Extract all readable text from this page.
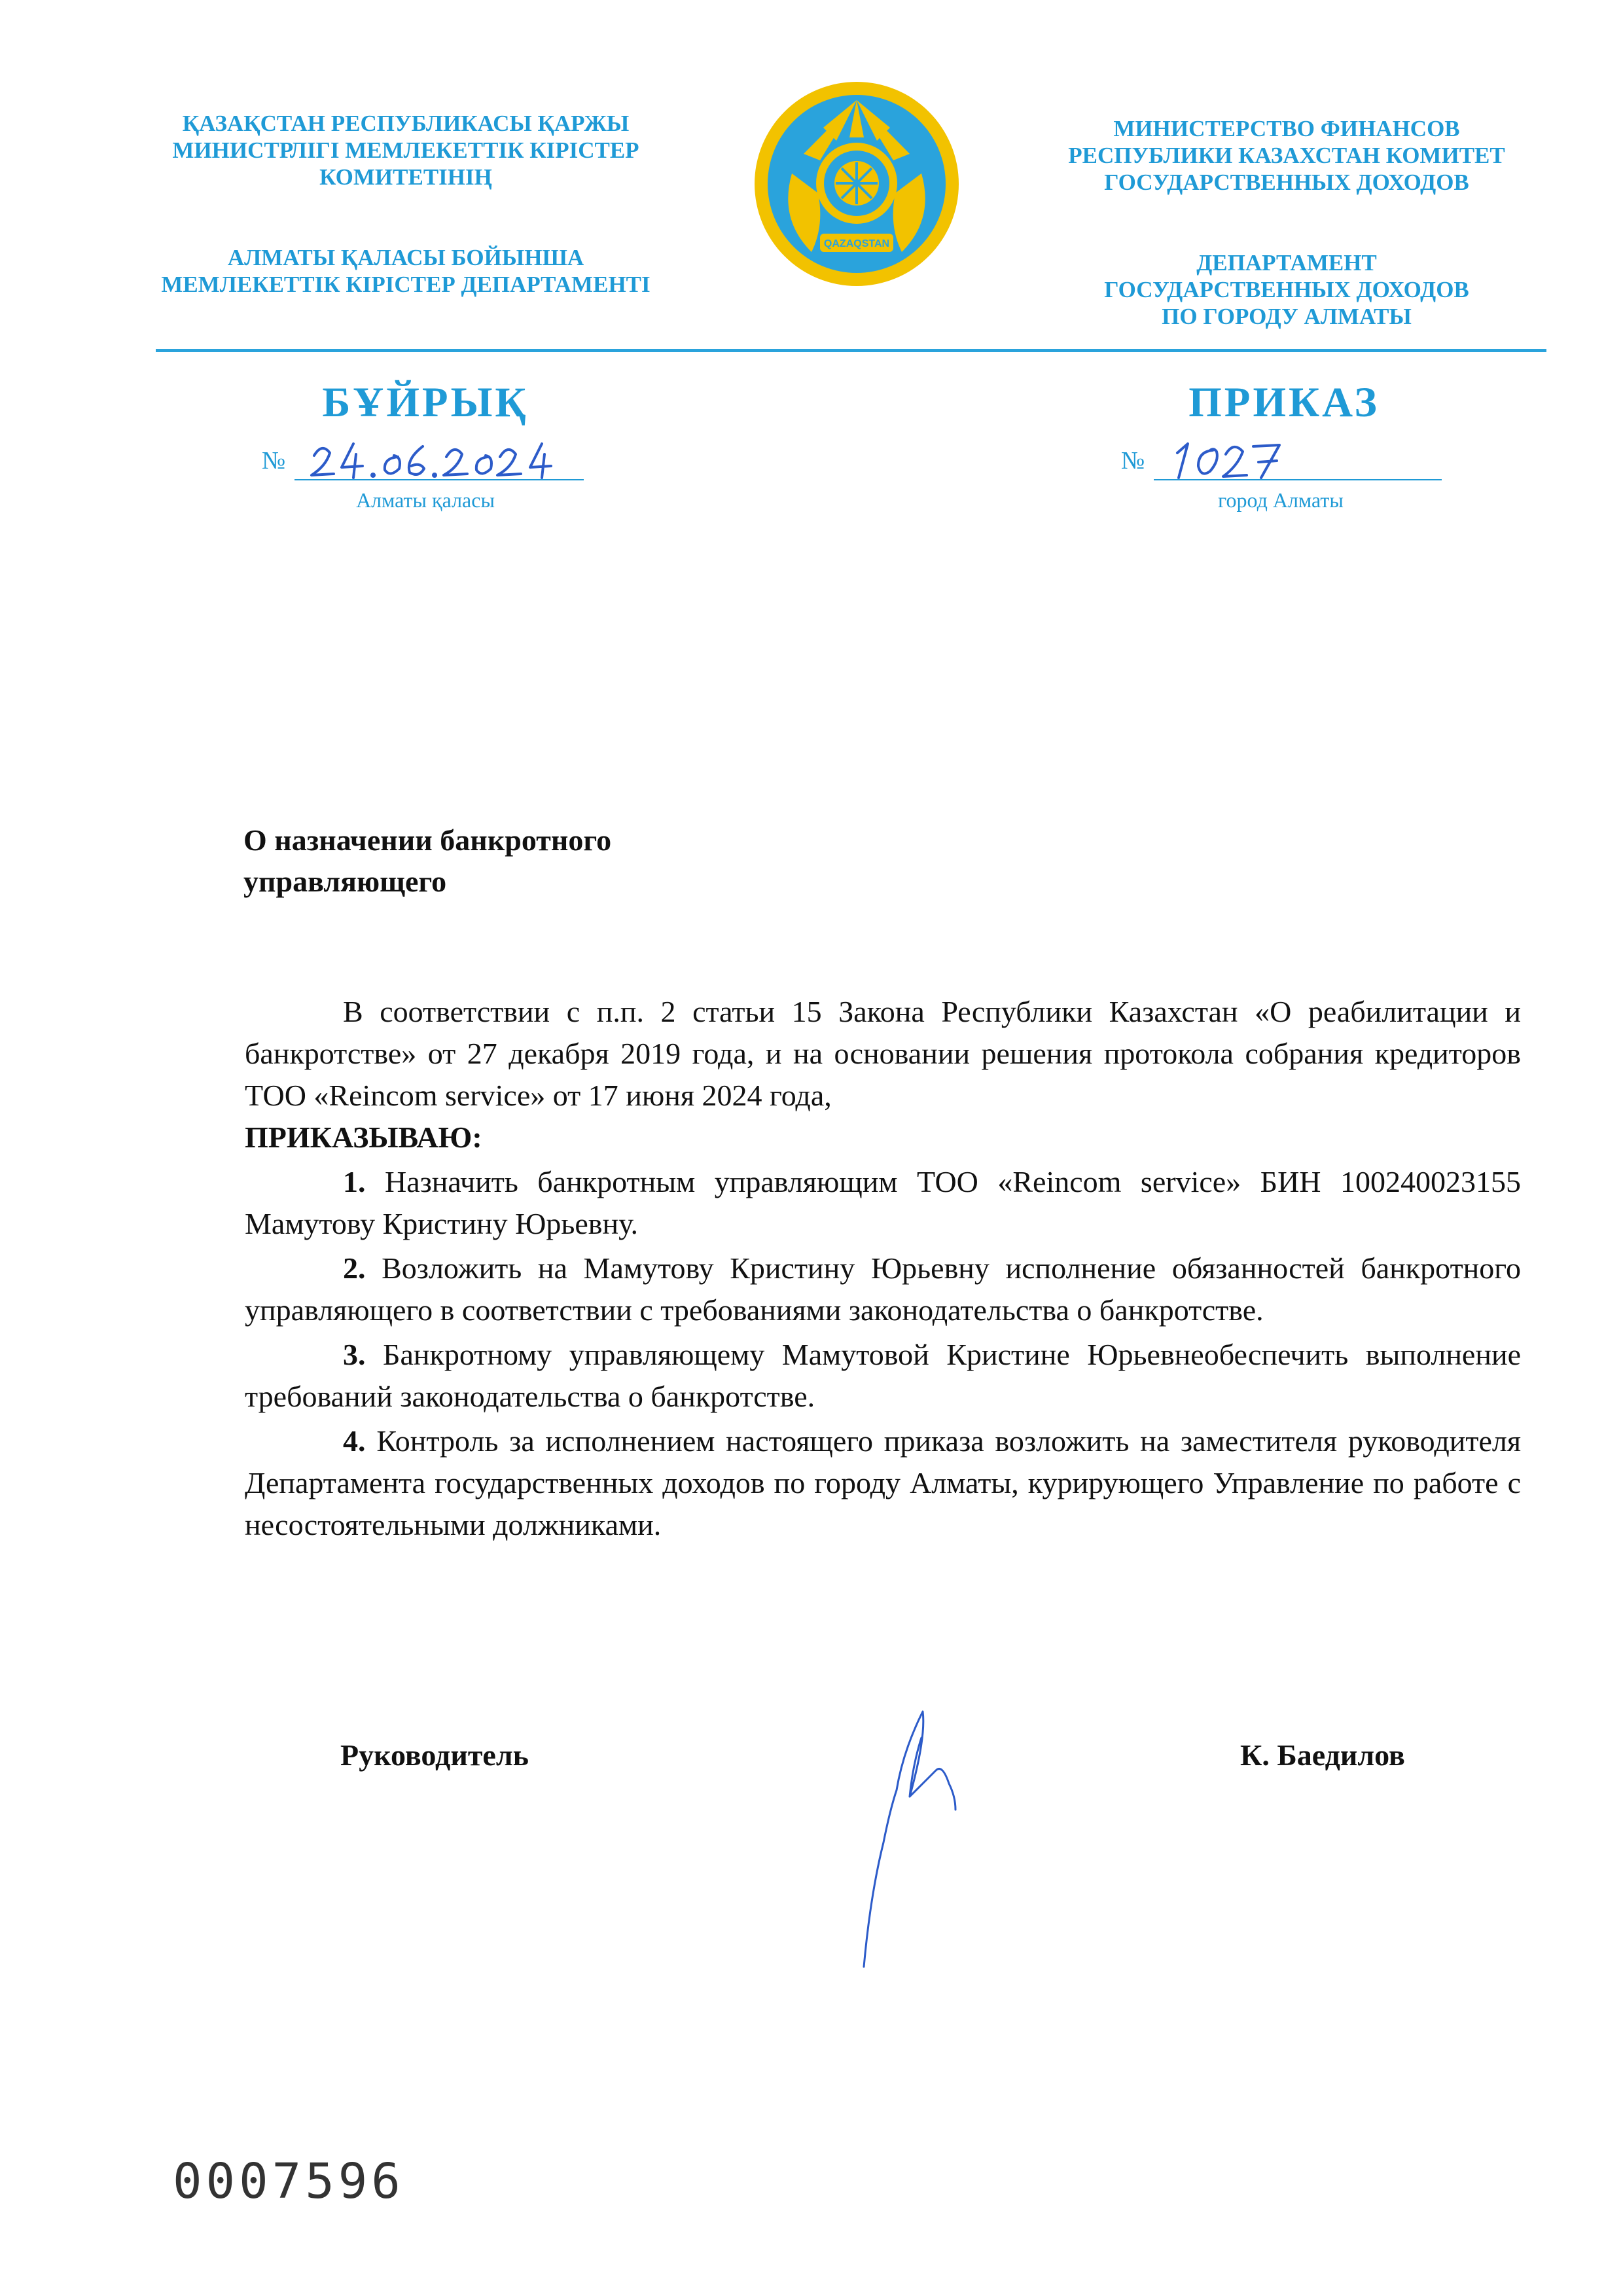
ҚАЗАҚСТАН РЕСПУБЛИКАСЫ ҚАРЖЫ
МИНИСТРЛІГІ МЕМЛЕКЕТТІК КІРІСТЕР
КОМИТЕТІНІҢ
АЛМАТЫ ҚАЛАСЫ БОЙЫНША
МЕМЛЕКЕТТІК КІРІСТЕР ДЕПАРТАМЕНТІ
QAZAQSTAN
МИНИСТЕРСТВО ФИНАНСОВ
РЕСПУБЛИКИ КАЗАХСТАН КОМИТЕТ
ГОСУДАРСТВЕННЫХ ДОХОДОВ
ДЕПАРТАМЕНТ
ГОСУДАРСТВЕННЫХ ДОХОДОВ
ПО ГОРОДУ АЛМАТЫ
БҰЙРЫҚ	ПРИКАЗ
№	№
Алматы қаласы	город Алматы
О назначении банкротного
управляющего

В соответствии с п.п. 2 статьи 15 Закона Республики Казахстан «О реабилитации и банкротстве» от 27 декабря 2019 года, и на основании решения протокола собрания кредиторов ТОО «Reincom service» от 17 июня 2024 года,

ПРИКАЗЫВАЮ:

1. Назначить банкротным управляющим ТОО «Reincom service» БИН 100240023155 Мамутову Кристину Юрьевну.

2. Возложить на Мамутову Кристину Юрьевну исполнение обязанностей банкротного управляющего в соответствии с требованиями законодательства о банкротстве.

3. Банкротному управляющему Мамутовой Кристине Юрьевнеобеспечить выполнение требований законодательства о банкротстве.

4. Контроль за исполнением настоящего приказа возложить на заместителя руководителя Департамента государственных доходов по городу Алматы, курирующего Управление по работе с несостоятельными должниками.

Руководитель	К. Баедилов
0007596
